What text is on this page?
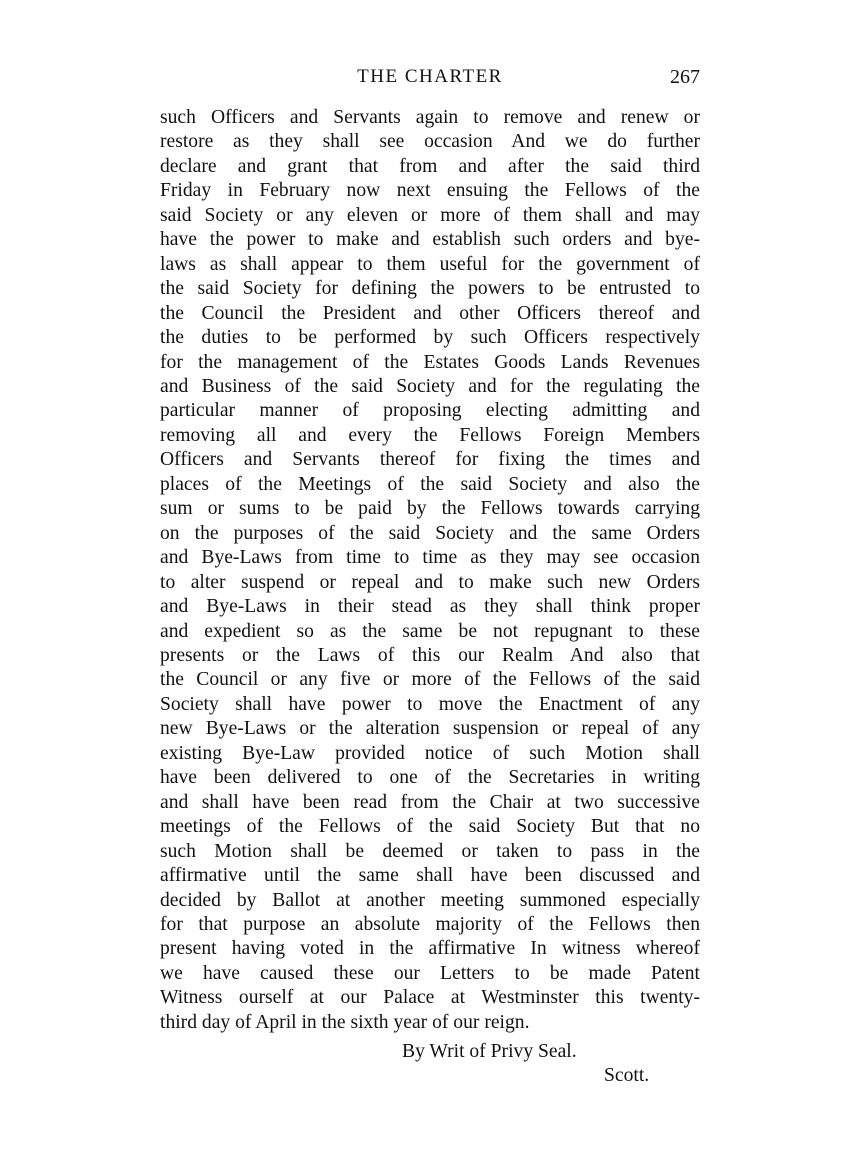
THE CHARTER	267
such Officers and Servants again to remove and renew or
restore as they shall see occasion And we do further
declare and grant that from and after the said third
Friday in February now next ensuing the Fellows of the
said Society or any eleven or more of them shall and may
have the power to make and establish such orders and bye-
laws as shall appear to them useful for the government of
the said Society for defining the powers to be entrusted to
the Council the President and other Officers thereof and
the duties to be performed by such Officers respectively
for the management of the Estates Goods Lands Revenues
and Business of the said Society and for the regulating the
particular manner of proposing electing admitting and
removing all and every the Fellows Foreign Members
Officers and Servants thereof for fixing the times and
places of the Meetings of the said Society and also the
sum or sums to be paid by the Fellows towards carrying
on the purposes of the said Society and the same Orders
and Bye-Laws from time to time as they may see occasion
to alter suspend or repeal and to make such new Orders
and Bye-Laws in their stead as they shall think proper
and expedient so as the same be not repugnant to these
presents or the Laws of this our Realm And also that
the Council or any five or more of the Fellows of the said
Society shall have power to move the Enactment of any
new Bye-Laws or the alteration suspension or repeal of any
existing Bye-Law provided notice of such Motion shall
have been delivered to one of the Secretaries in writing
and shall have been read from the Chair at two successive
meetings of the Fellows of the said Society But that no
such Motion shall be deemed or taken to pass in the
affirmative until the same shall have been discussed and
decided by Ballot at another meeting summoned especially
for that purpose an absolute majority of the Fellows then
present having voted in the affirmative In witness whereof
we have caused these our Letters to be made Patent
Witness ourself at our Palace at Westminster this twenty-
third day of April in the sixth year of our reign.
By Writ of Privy Seal.
Scott.
